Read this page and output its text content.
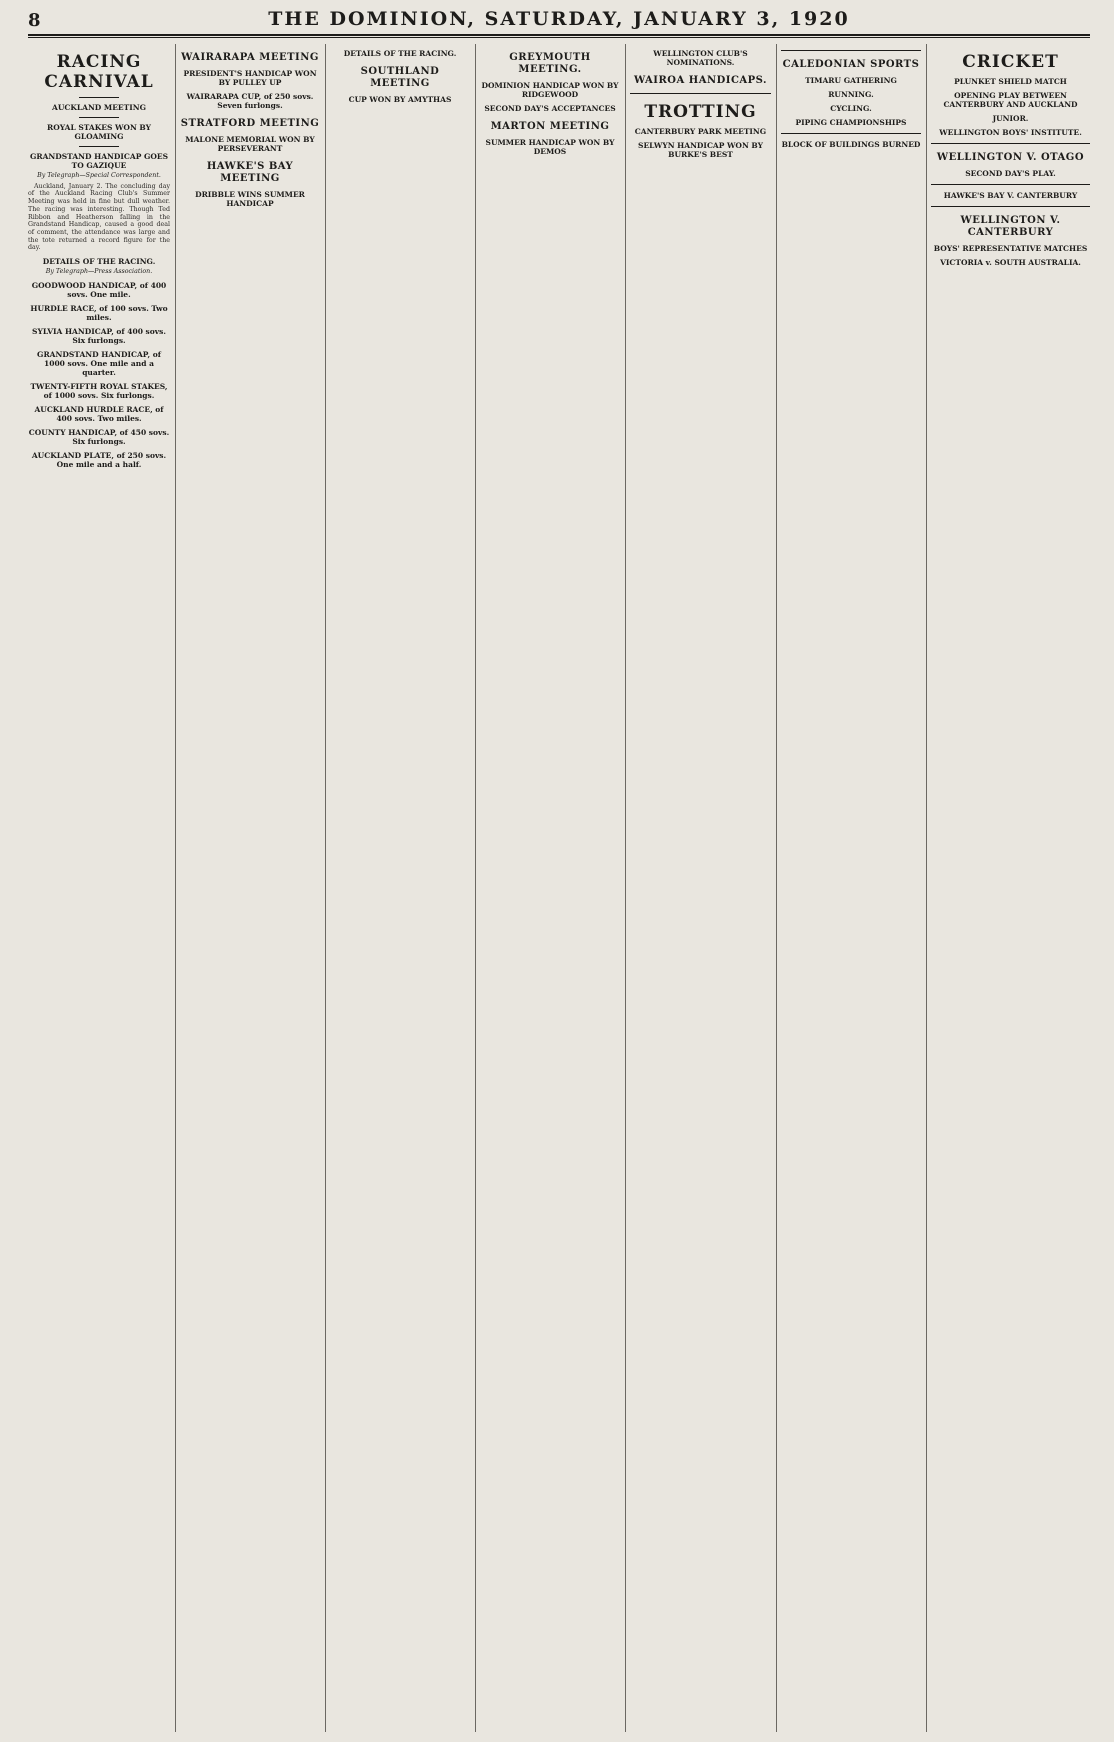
8	THE DOMINION, SATURDAY, JANUARY 3, 1920
RACING CARNIVAL
AUCKLAND MEETING
ROYAL STAKES WON BY GLOAMING
GRANDSTAND HANDICAP GOES TO GAZIQUE
By Telegraph—Special Correspondent.

Auckland, January 2. The concluding day of the Auckland Racing Club's Summer Meeting was held in fine but dull weather. The racing was interesting. Though Ted Ribbon and Heatherson falling in the Grandstand Handicap, caused a good deal of comment, the attendance was large and the tote returned a record figure for the day.

DETAILS OF THE RACING.
By Telegraph—Press Association.
GOODWOOD HANDICAP, of 400 sovs. One mile.

HURDLE RACE, of 100 sovs. Two miles.

SYLVIA HANDICAP, of 400 sovs. Six furlongs.

GRANDSTAND HANDICAP, of 1000 sovs. One mile and a quarter.

TWENTY-FIFTH ROYAL STAKES, of 1000 sovs. Six furlongs.

AUCKLAND HURDLE RACE, of 400 sovs. Two miles.

COUNTY HANDICAP, of 450 sovs. Six furlongs.

AUCKLAND PLATE, of 250 sovs. One mile and a half.

WAIRARAPA MEETING
PRESIDENT'S HANDICAP WON BY PULLEY UP

WAIRARAPA CUP, of 250 sovs. Seven furlongs.

STRATFORD MEETING
MALONE MEMORIAL WON BY PERSEVERANT

HAWKE'S BAY MEETING
DRIBBLE WINS SUMMER HANDICAP

DETAILS OF THE RACING.

SOUTHLAND MEETING
CUP WON BY AMYTHAS

GREYMOUTH MEETING.
DOMINION HANDICAP WON BY RIDGEWOOD

SECOND DAY'S ACCEPTANCES

MARTON MEETING
SUMMER HANDICAP WON BY DEMOS

WELLINGTON CLUB'S NOMINATIONS.

WAIROA HANDICAPS.

TROTTING
CANTERBURY PARK MEETING
SELWYN HANDICAP WON BY BURKE'S BEST

CALEDONIAN SPORTS
TIMARU GATHERING

RUNNING.

CYCLING.

PIPING CHAMPIONSHIPS

BLOCK OF BUILDINGS BURNED

CRICKET
PLUNKET SHIELD MATCH
OPENING PLAY BETWEEN CANTERBURY AND AUCKLAND

JUNIOR.

WELLINGTON BOYS' INSTITUTE.

WELLINGTON V. OTAGO
SECOND DAY'S PLAY.

HAWKE'S BAY V. CANTERBURY

WELLINGTON V. CANTERBURY
BOYS' REPRESENTATIVE MATCHES

VICTORIA v. SOUTH AUSTRALIA.
